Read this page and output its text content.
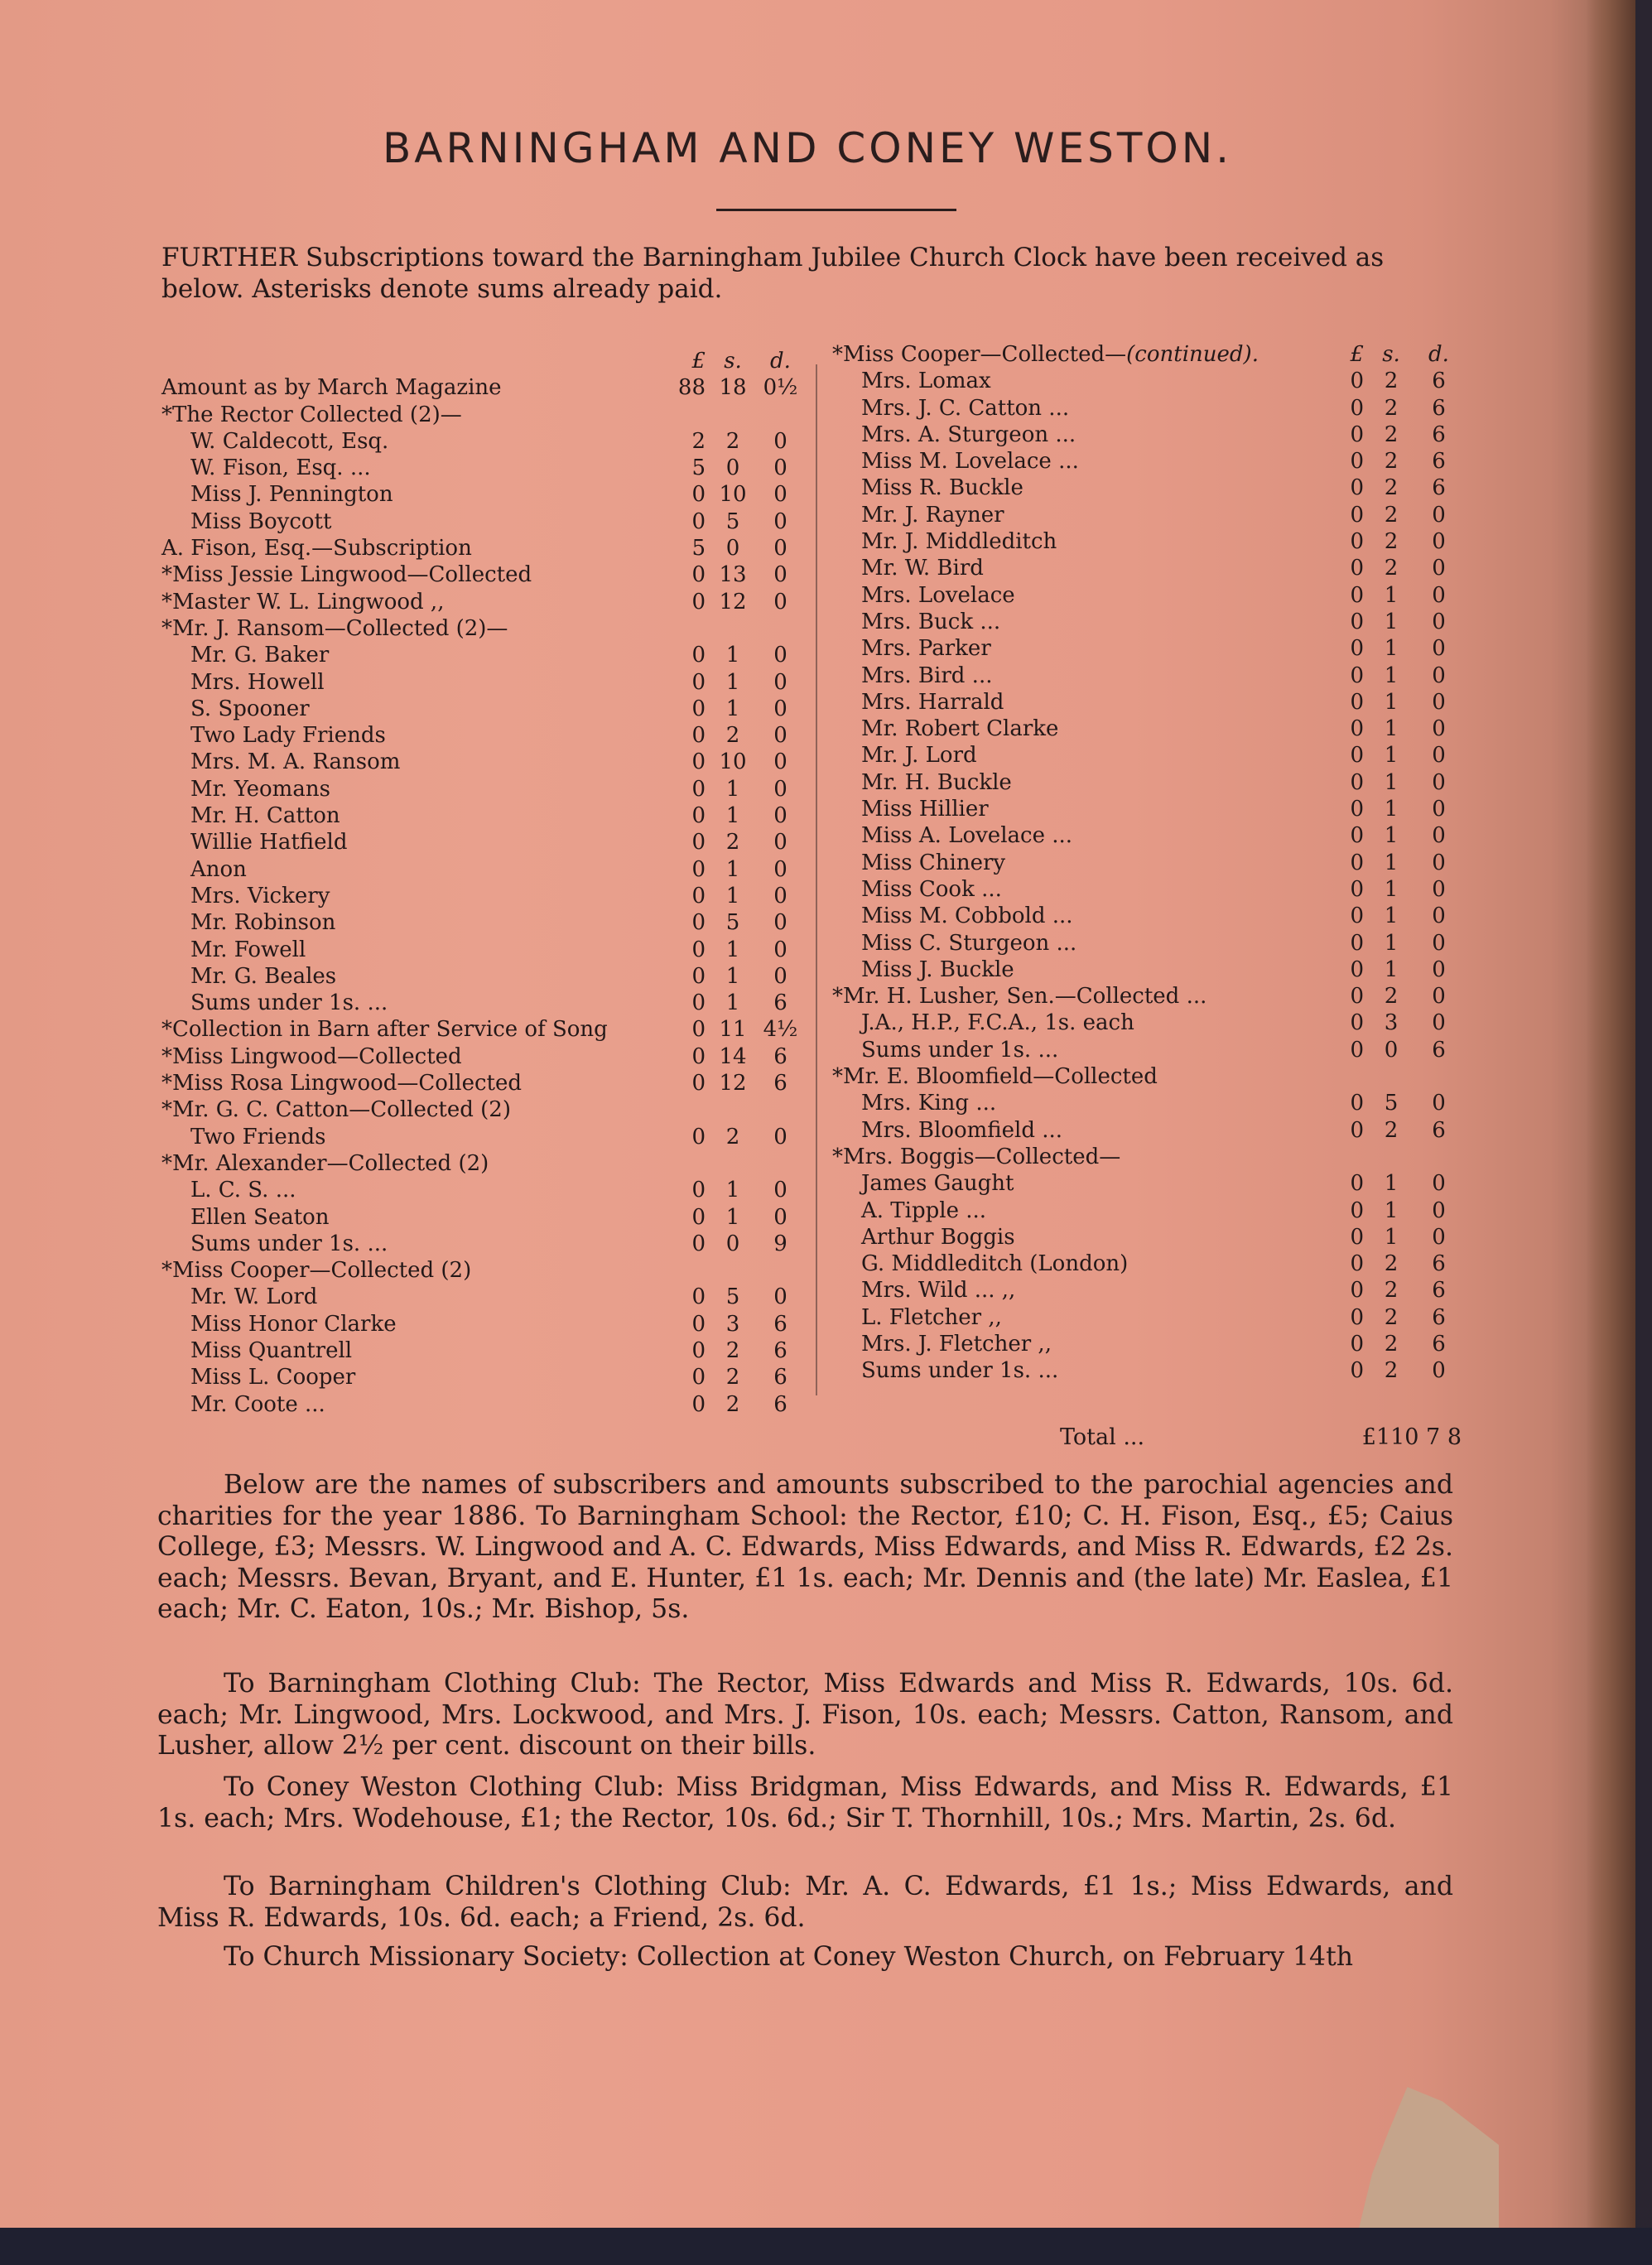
BARNINGHAM AND CONEY WESTON.
FURTHER Subscriptions toward the Barningham Jubilee Church Clock have been received as below. Asterisks denote sums already paid.
£ s.	d.
Amount as by March Magazine	88 18 0½
*The Rector Collected (2)—
W. Caldecott, Esq.	2 2	0
W. Fison, Esq. ...	5 0	0
Miss J. Pennington	0 10	0
Miss Boycott	0 5	0
A. Fison, Esq.—Subscription	5 0	0
*Miss Jessie Lingwood—Collected	0 13	0
*Master W. L. Lingwood ,,	0 12	0
*Mr. J. Ransom—Collected (2)—
Mr. G. Baker	0 1	0
Mrs. Howell	0 1	0
S. Spooner	0 1	0
Two Lady Friends	0 2	0
Mrs. M. A. Ransom	0 10	0
Mr. Yeomans	0 1	0
Mr. H. Catton	0 1	0
Willie Hatfield	0 2	0
Anon	0 1	0
Mrs. Vickery	0 1	0
Mr. Robinson	0 5	0
Mr. Fowell	0 1	0
Mr. G. Beales	0 1	0
Sums under 1s. ...	0 1	6
*Collection in Barn after Service of Song	0 11 4½
*Miss Lingwood—Collected	0 14	6
*Miss Rosa Lingwood—Collected	0 12	6
*Mr. G. C. Catton—Collected (2)
Two Friends	0 2	0
*Mr. Alexander—Collected (2)
L. C. S. ...	0 1	0
Ellen Seaton	0 1	0
Sums under 1s. ...	0 0	9
*Miss Cooper—Collected (2)
Mr. W. Lord	0 5	0
Miss Honor Clarke	0 3	6
Miss Quantrell	0 2	6
Miss L. Cooper	0 2	6
Mr. Coote ...	0 2	6
*Miss Cooper—Collected—(continued).	£ s.	d.
Mrs. Lomax	0 2	6
Mrs. J. C. Catton ...	0 2	6
Mrs. A. Sturgeon ...	0 2	6
Miss M. Lovelace ...	0 2	6
Miss R. Buckle	0 2	6
Mr. J. Rayner	0 2	0
Mr. J. Middleditch	0 2	0
Mr. W. Bird	0 2	0
Mrs. Lovelace	0 1	0
Mrs. Buck ...	0 1	0
Mrs. Parker	0 1	0
Mrs. Bird ...	0 1	0
Mrs. Harrald	0 1	0
Mr. Robert Clarke	0 1	0
Mr. J. Lord	0 1	0
Mr. H. Buckle	0 1	0
Miss Hillier	0 1	0
Miss A. Lovelace ...	0 1	0
Miss Chinery	0 1	0
Miss Cook ...	0 1	0
Miss M. Cobbold ...	0 1	0
Miss C. Sturgeon ...	0 1	0
Miss J. Buckle	0 1	0
*Mr. H. Lusher, Sen.—Collected ...	0 2	0
J.A., H.P., F.C.A., 1s. each	0 3	0
Sums under 1s. ...	0 0	6
*Mr. E. Bloomfield—Collected
Mrs. King ...	0 5	0
Mrs. Bloomfield ...	0 2	6
*Mrs. Boggis—Collected—
James Gaught	0 1	0
A. Tipple ...	0 1	0
Arthur Boggis	0 1	0
G. Middleditch (London)	0 2	6
Mrs. Wild ... ,,	0 2	6
L. Fletcher ,,	0 2	6
Mrs. J. Fletcher ,,	0 2	6
Sums under 1s. ...	0 2	0
Total ...	£110 7 8
Below are the names of subscribers and amounts subscribed to the parochial agencies and charities for the year 1886. To Barningham School: the Rector, £10; C. H. Fison, Esq., £5; Caius College, £3; Messrs. W. Lingwood and A. C. Edwards, Miss Edwards, and Miss R. Edwards, £2 2s. each; Messrs. Bevan, Bryant, and E. Hunter, £1 1s. each; Mr. Dennis and (the late) Mr. Easlea, £1 each; Mr. C. Eaton, 10s.; Mr. Bishop, 5s.
To Barningham Clothing Club: The Rector, Miss Edwards and Miss R. Edwards, 10s. 6d. each; Mr. Lingwood, Mrs. Lockwood, and Mrs. J. Fison, 10s. each; Messrs. Catton, Ransom, and Lusher, allow 2½ per cent. discount on their bills.
To Coney Weston Clothing Club: Miss Bridgman, Miss Edwards, and Miss R. Edwards, £1 1s. each; Mrs. Wodehouse, £1; the Rector, 10s. 6d.; Sir T. Thornhill, 10s.; Mrs. Martin, 2s. 6d.
To Barningham Children's Clothing Club: Mr. A. C. Edwards, £1 1s.; Miss Edwards, and Miss R. Edwards, 10s. 6d. each; a Friend, 2s. 6d.
To Church Missionary Society: Collection at Coney Weston Church, on February 14th
